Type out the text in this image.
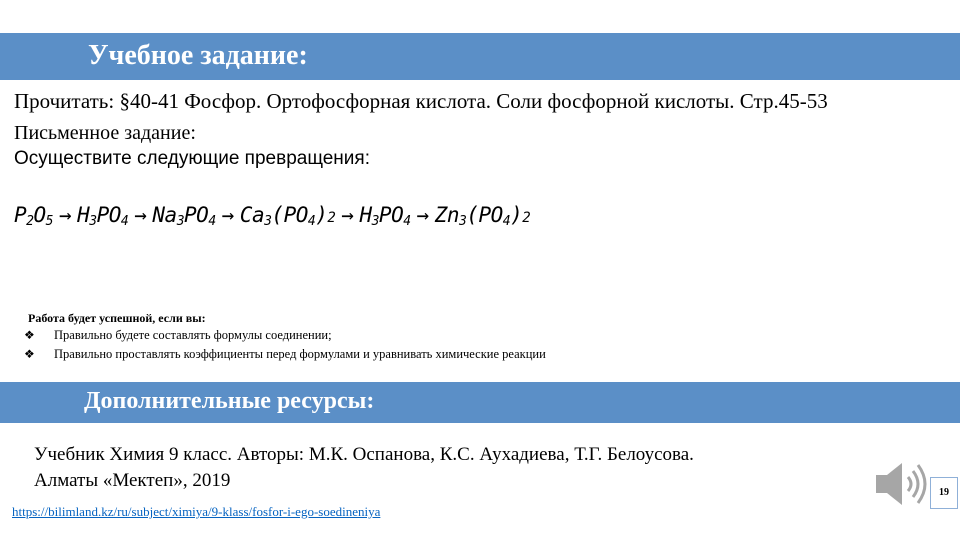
Учебное задание:
Прочитать: §40-41 Фосфор. Ортофосфорная кислота. Соли фосфорной кислоты. Стр.45-53
Письменное задание:
Осуществите следующие превращения:
$P_2O_5 \to H_3PO_4 \to Na_3PO_4 \to Ca_3(PO_4)2 \to H_3PO_4 \to Zn_3(PO_4)2$
Работа будет успешной, если вы:
❖ Правильно будете составлять формулы соединении;
❖ Правильно проставлять коэффициенты перед формулами и уравнивать химические реакции
Дополнительные ресурсы:
Учебник Химия 9 класс. Авторы: М.К. Оспанова, К.С. Аухадиева, Т.Г. Белоусова.
Алматы «Мектеп», 2019
https://bilimland.kz/ru/subject/ximiya/9-klass/fosfor-i-ego-soedineniya
19
